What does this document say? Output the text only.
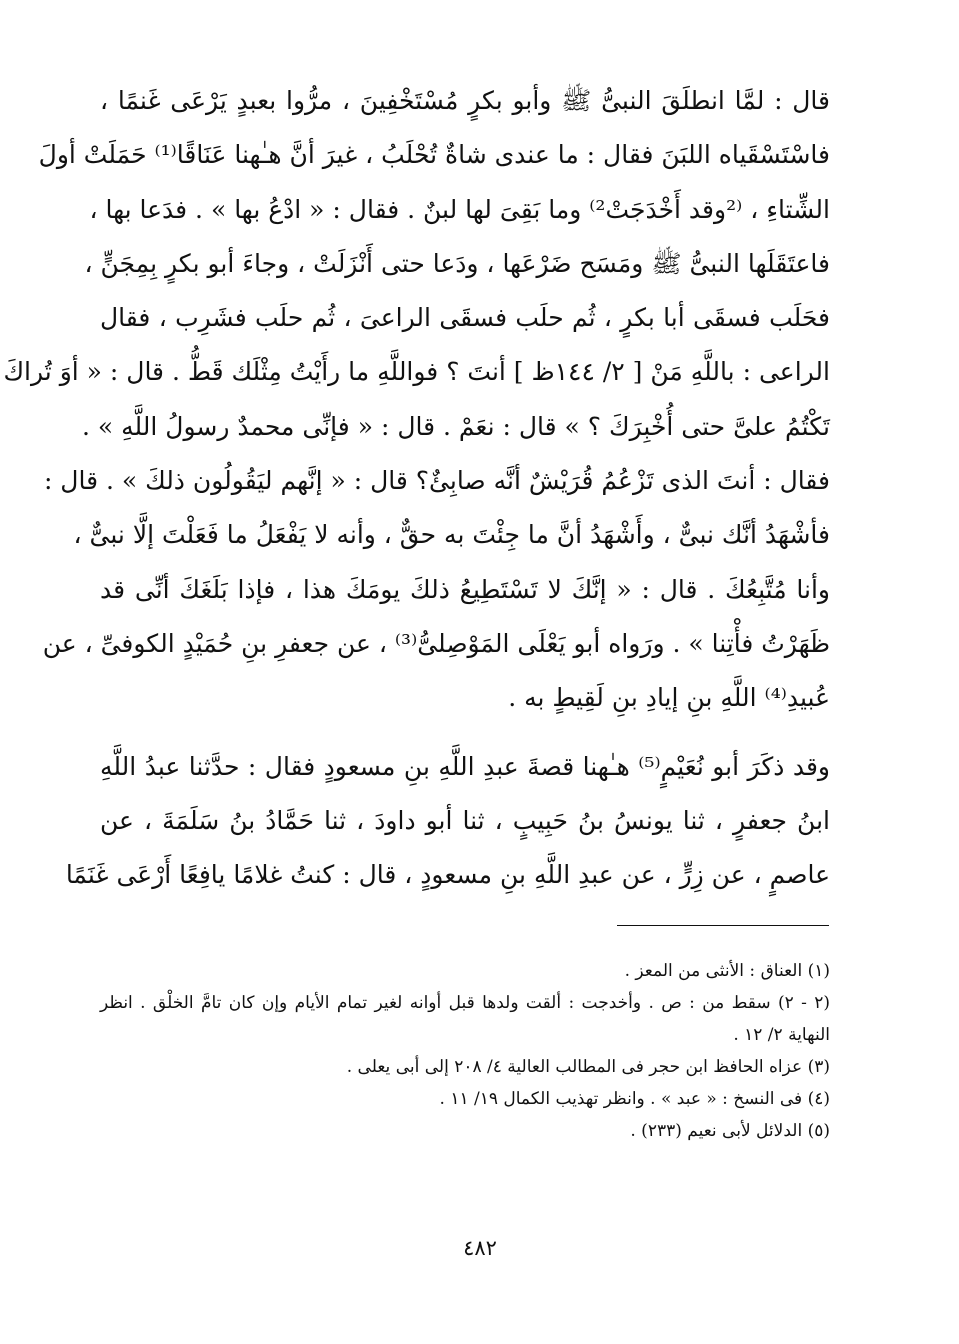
قال : لمَّا انطلَقَ النبىُّ ﷺ وأبو بكرٍ مُسْتَخْفِينَ ، مرُّوا بعبدٍ يَرْعَى غَنمًا ،
فاسْتَسْقَياه اللبَنَ فقال : ما عندى شاةٌ تُحْلَبُ ، غيرَ أنَّ هـٰهنا عَنَاقًا⁽¹⁾ حَمَلَتْ أولَ
الشِّتاءِ ، ⁽²وقد أَخْدَجَتْ²⁾ وما بَقِىَ لها لبنٌ . فقال : « ادْعُ بها » . فدَعا بها ،
فاعتَقَلَها النبىُّ ﷺ ومَسَح ضَرْعَها ، ودَعا حتى أَنْزَلَتْ ، وجاءَ أبو بكرٍ بِمِجَنٍّ ،
فحَلَب فسقَى أبا بكرٍ ، ثُم حلَب فسقَى الراعىَ ، ثُم حلَب فشَرِب ، فقال
الراعى : باللَّهِ مَنْ [ ٢/ ١٤٤ظ ] أنتَ ؟ فواللَّهِ ما رأَيْتُ مِثْلَك قَطُّ . قال : « أوَ تُراكَ
تَكْتُمُ علىَّ حتى أُخْبِرَكَ ؟ » قال : نعَمْ . قال : « فإنِّى محمدٌ رسولُ اللَّهِ » .
فقال : أنتَ الذى تَزْعُمُ قُرَيْشٌ أنَّه صابِئٌ؟ قال : « إنَّهم ليَقُولُون ذلكَ » . قال :
فأشْهَدُ أنَّك نبىٌّ ، وأَشْهَدُ أنَّ ما جِئْتَ به حقٌّ ، وأنه لا يَفْعَلُ ما فَعَلْتَ إلَّا نبىٌّ ،
وأنا مُتَّبِعُكَ . قال : « إنَّكَ لا تَسْتَطِيعُ ذلكَ يومَكَ هذا ، فإذا بَلَغَكَ أنِّى قد
ظَهَرْتُ فأْتِنا » . ورَواه أبو يَعْلَى المَوْصِلىُّ⁽³⁾ ، عن جعفرِ بنِ حُمَيْدٍ الكوفىِّ ، عن
عُبيدِ⁽⁴⁾ اللَّهِ بنِ إيادِ بنِ لَقِيطٍ به .
وقد ذكَرَ أبو نُعَيْمٍ⁽⁵⁾ هـٰهنا قصةَ عبدِ اللَّهِ بنِ مسعودٍ فقال : حدَّثنا عبدُ اللَّهِ
ابنُ جعفرٍ ، ثنا يونسُ بنُ حَبِيبٍ ، ثنا أبو داودَ ، ثنا حَمَّادُ بنُ سَلَمَةَ ، عن
عاصمٍ ، عن زِرٍّ ، عن عبدِ اللَّهِ بنِ مسعودٍ ، قال : كنتُ غلامًا يافِعًا أَرْعَى غَنَمًا
(١) العناق : الأنثى من المعز .
(٢ - ٢) سقط من : ص . وأخدجت : ألقت ولدها قبل أوانه لغير تمام الأيام وإن كان تامَّ الخلْق . انظر
النهاية ٢/ ١٢ .
(٣) عزاه الحافظ ابن حجر فى المطالب العالية ٤/ ٢٠٨ إلى أبى يعلى .
(٤) فى النسخ : « عبد » . وانظر تهذيب الكمال ١٩/ ١١ .
(٥) الدلائل لأبى نعيم (٢٣٣) .
٤٨٢
